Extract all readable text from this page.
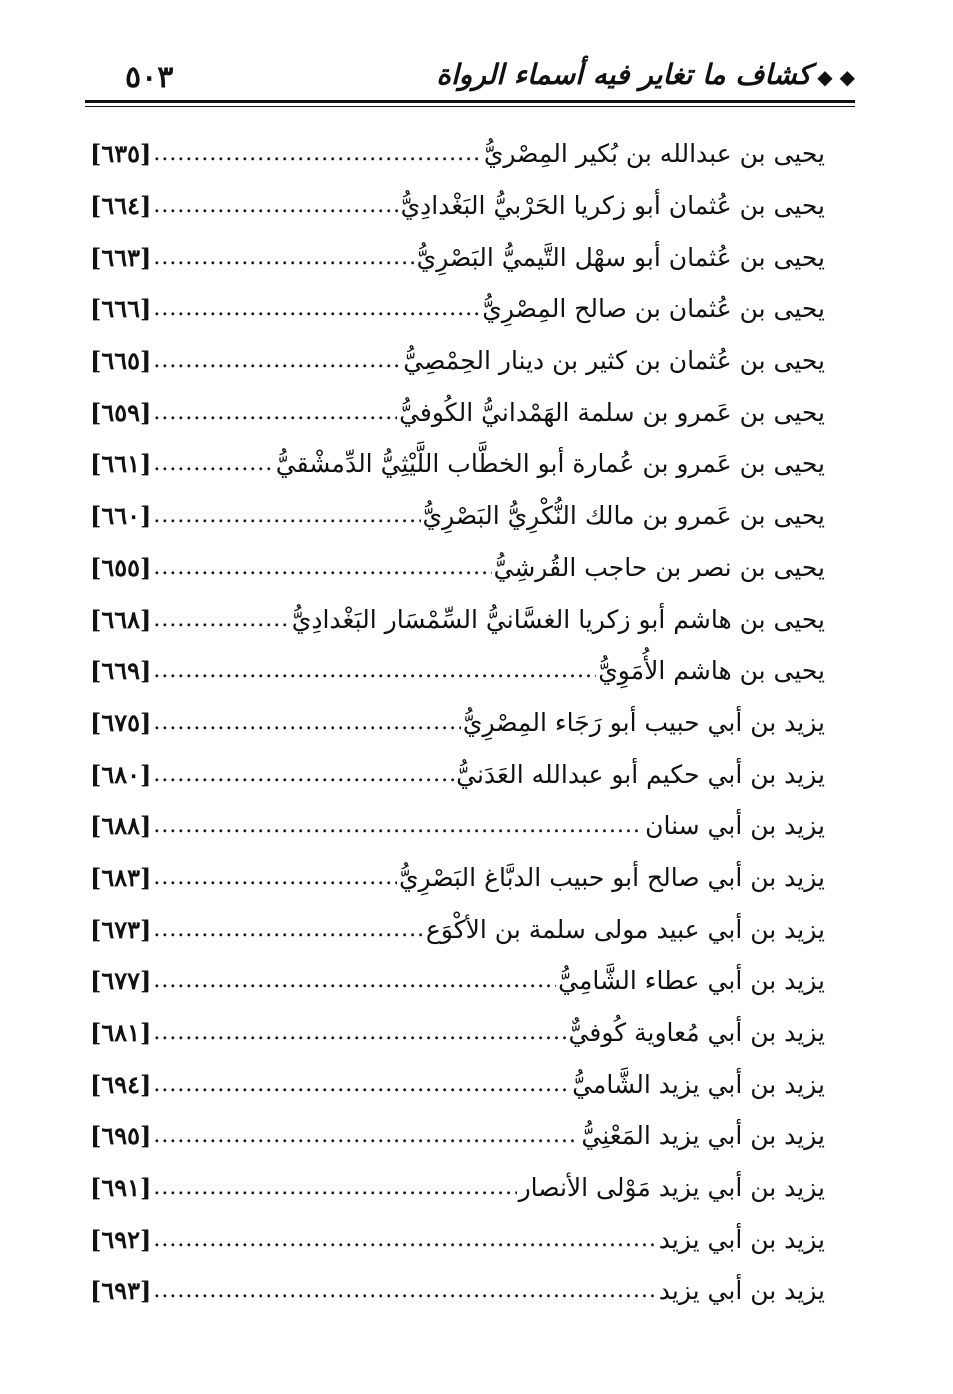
٥٠٣	◆ ◆كشاف ما تغاير فيه أسماء الرواة
يحيى بن عبدالله بن بُكير المِصْريُّ
.....
[٦٣٥]
يحيى بن عُثمان أبو زكريا الحَرْبيُّ البَغْدادِيُّ
.....
[٦٦٤]
يحيى بن عُثمان أبو سهْل التَّيميُّ البَصْرِيُّ
.....
[٦٦٣]
يحيى بن عُثمان بن صالح المِصْرِيُّ
.....
[٦٦٦]
يحيى بن عُثمان بن كثير بن دينار الحِمْصِيُّ
.....
[٦٦٥]
يحيى بن عَمرو بن سلمة الهَمْدانيُّ الكُوفيُّ
.....
[٦٥٩]
يحيى بن عَمرو بن عُمارة أبو الخطَّاب اللَّيْثِيُّ الدِّمشْقيُّ
.....
[٦٦١]
يحيى بن عَمرو بن مالك النُّكْرِيُّ البَصْرِيُّ
.....
[٦٦٠]
يحيى بن نصر بن حاجب القُرشِيُّ
.....
[٦٥٥]
يحيى بن هاشم أبو زكريا الغسَّانيُّ السِّمْسَار البَغْدادِيُّ
.....
[٦٦٨]
يحيى بن هاشم الأُمَوِيُّ
.....
[٦٦٩]
يزيد بن أبي حبيب أبو رَجَاء المِصْرِيُّ
.....
[٦٧٥]
يزيد بن أبي حكيم أبو عبدالله العَدَنيُّ
.....
[٦٨٠]
يزيد بن أبي سنان
.....
[٦٨٨]
يزيد بن أبي صالح أبو حبيب الدبَّاغ البَصْرِيُّ
.....
[٦٨٣]
يزيد بن أبي عبيد مولى سلمة بن الأكْوَع
.....
[٦٧٣]
يزيد بن أبي عطاء الشَّامِيُّ
.....
[٦٧٧]
يزيد بن أبي مُعاوية كُوفيٌّ
.....
[٦٨١]
يزيد بن أبي يزيد الشَّاميُّ
.....
[٦٩٤]
يزيد بن أبي يزيد المَعْنِيُّ
.....
[٦٩٥]
يزيد بن أبي يزيد مَوْلى الأنصار
.....
[٦٩١]
يزيد بن أبي يزيد
.....
[٦٩٢]
يزيد بن أبي يزيد
.....
[٦٩٣]
